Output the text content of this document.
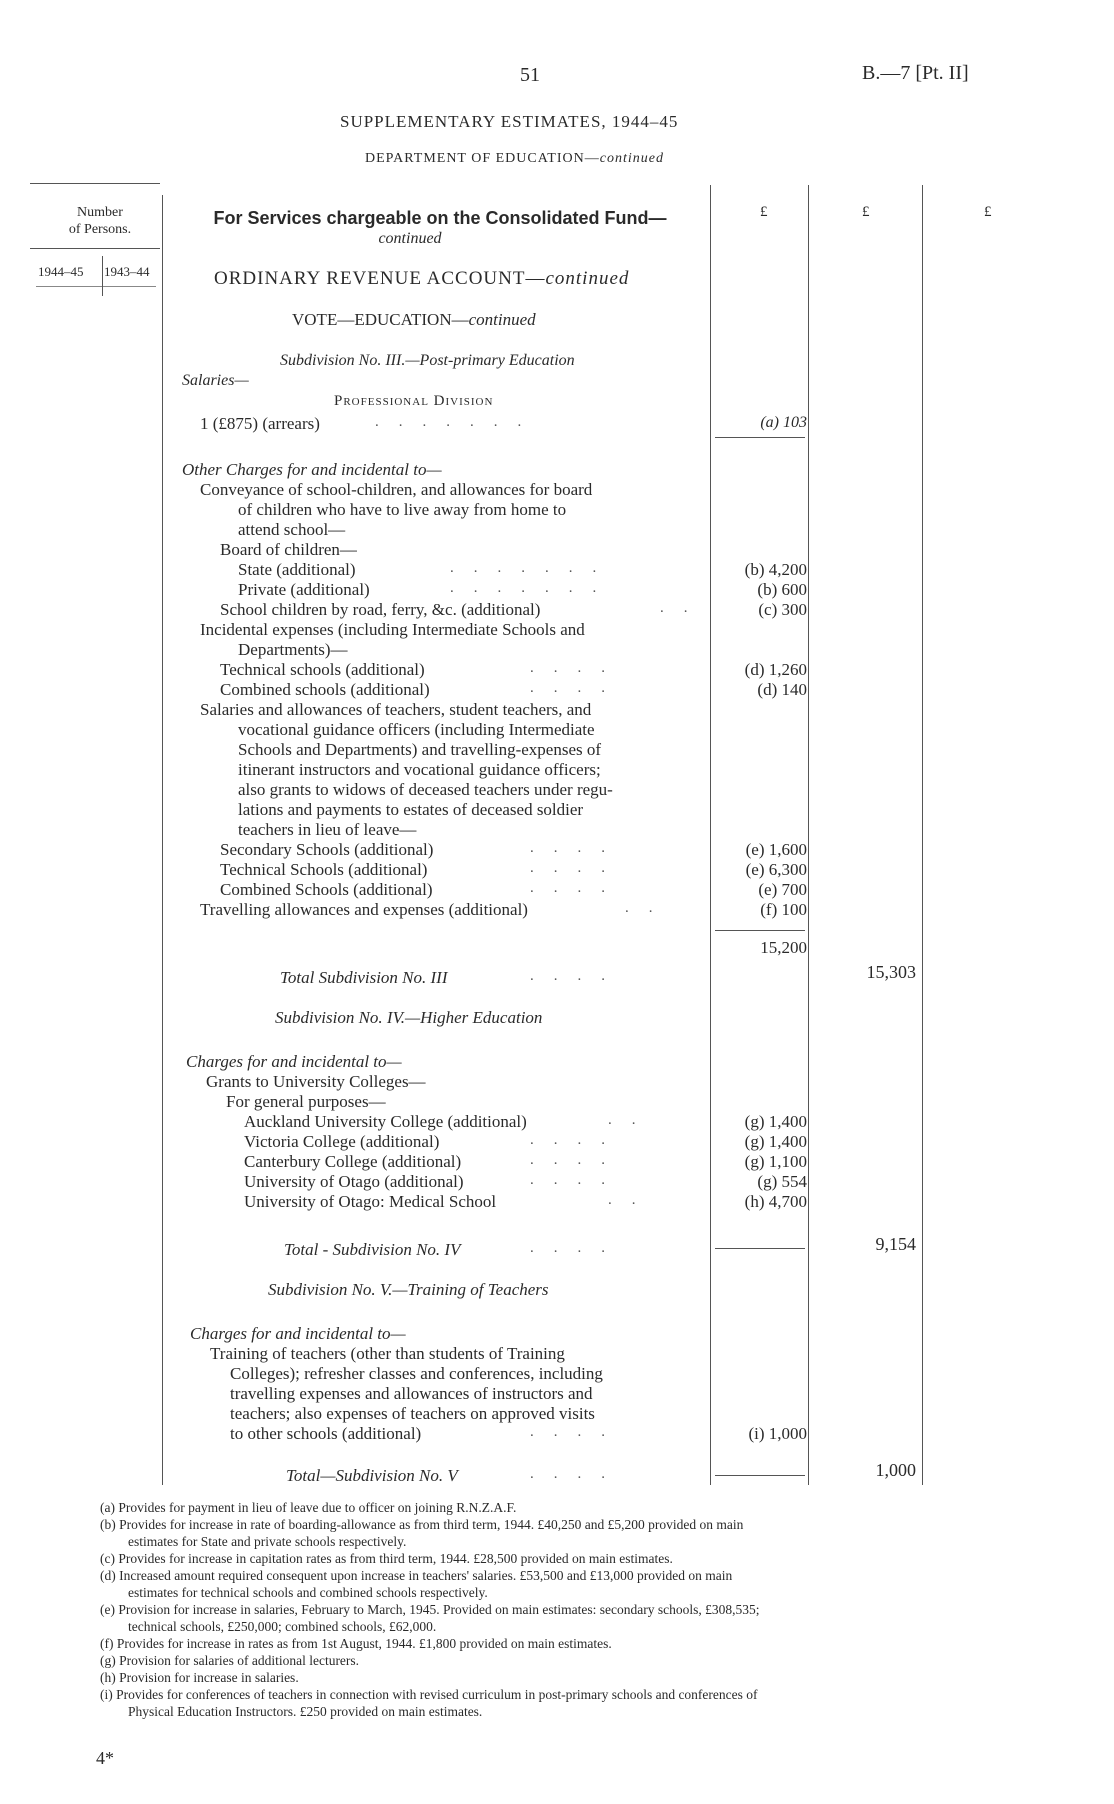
51	B.—7 [Pt. II]
SUPPLEMENTARY ESTIMATES, 1944–45
DEPARTMENT OF EDUCATION—continued
Number
of Persons.
1944–45 1943–44
For Services chargeable on the Consolidated Fund—
continued
£	£	£
ORDINARY REVENUE ACCOUNT—continued
VOTE—EDUCATION—continued
Subdivision No. III.—Post-primary Education
Salaries—
Professional Division
1 (£875) (arrears)	.......	(a) 103
Other Charges for and incidental to—
Conveyance of school-children, and allowances for board
of children who have to live away from home to
attend school—
Board of children—
State (additional)	.......	(b) 4,200
Private (additional)	.......	(b) 600
School children by road, ferry, &c. (additional)	..	(c) 300
Incidental expenses (including Intermediate Schools and
Departments)—
Technical schools (additional)	....	(d) 1,260
Combined schools (additional)	....	(d) 140
Salaries and allowances of teachers, student teachers, and
vocational guidance officers (including Intermediate
Schools and Departments) and travelling-expenses of
itinerant instructors and vocational guidance officers;
also grants to widows of deceased teachers under regu-
lations and payments to estates of deceased soldier
teachers in lieu of leave—
Secondary Schools (additional)	....	(e) 1,600
Technical Schools (additional)	....	(e) 6,300
Combined Schools (additional)	....	(e) 700
Travelling allowances and expenses (additional)	..	(f) 100
15,200
Total Subdivision No. III	....	15,303
Subdivision No. IV.—Higher Education
Charges for and incidental to—
Grants to University Colleges—
For general purposes—
Auckland University College (additional)	..	(g) 1,400
Victoria College (additional)	....	(g) 1,400
Canterbury College (additional)	....	(g) 1,100
University of Otago (additional)	....	(g) 554
University of Otago: Medical School	..	(h) 4,700
Total - Subdivision No. IV	....	9,154
Subdivision No. V.—Training of Teachers
Charges for and incidental to—
Training of teachers (other than students of Training
Colleges); refresher classes and conferences, including
travelling expenses and allowances of instructors and
teachers; also expenses of teachers on approved visits
to other schools (additional)	....	(i) 1,000
Total—Subdivision No. V	....	1,000
(a) Provides for payment in lieu of leave due to officer on joining R.N.Z.A.F.
(b) Provides for increase in rate of boarding-allowance as from third term, 1944. £40,250 and £5,200 provided on main
estimates for State and private schools respectively.
(c) Provides for increase in capitation rates as from third term, 1944. £28,500 provided on main estimates.
(d) Increased amount required consequent upon increase in teachers' salaries. £53,500 and £13,000 provided on main
estimates for technical schools and combined schools respectively.
(e) Provision for increase in salaries, February to March, 1945. Provided on main estimates: secondary schools, £308,535;
technical schools, £250,000; combined schools, £62,000.
(f) Provides for increase in rates as from 1st August, 1944. £1,800 provided on main estimates.
(g) Provision for salaries of additional lecturers.
(h) Provision for increase in salaries.
(i) Provides for conferences of teachers in connection with revised curriculum in post-primary schools and conferences of
Physical Education Instructors. £250 provided on main estimates.
4*
